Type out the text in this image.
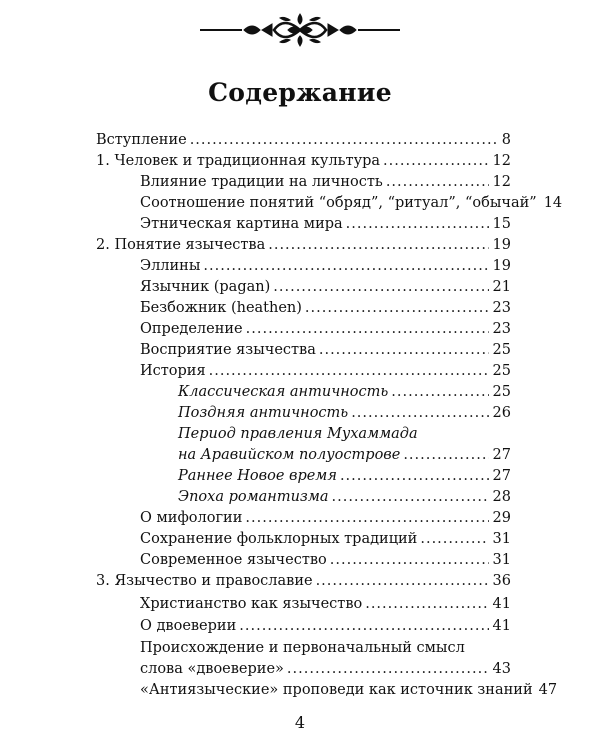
Содержание
Вступление .....	8
1. Человек и традиционная культура .....	12
Влияние традиции на личность .....	12
Соотношение понятий “обряд”, “ритуал”, “обычай” 14
Этническая картина мира .....	15
2. Понятие язычества .....	19
Эллины .....	19
Язычник (pagan) .....	21
Безбожник (heathen) .....	23
Определение .....	23
Восприятие язычества .....	25
История .....	25
Классическая античность .....	25
Поздняя античность .....	26
Период правления Мухаммада
на Аравийском полуострове .....	27
Раннее Новое время .....	27
Эпоха романтизма .....	28
О мифологии .....	29
Сохранение фольклорных традиций .....	31
Современное язычество .....	31
3. Язычество и православие .....	36
Христианство как язычество .....	41
О двоеверии .....	41
Происхождение и первоначальный смысл
слова «двоеверие» .....	43
«Антиязыческие» проповеди как источник знаний 47
4
